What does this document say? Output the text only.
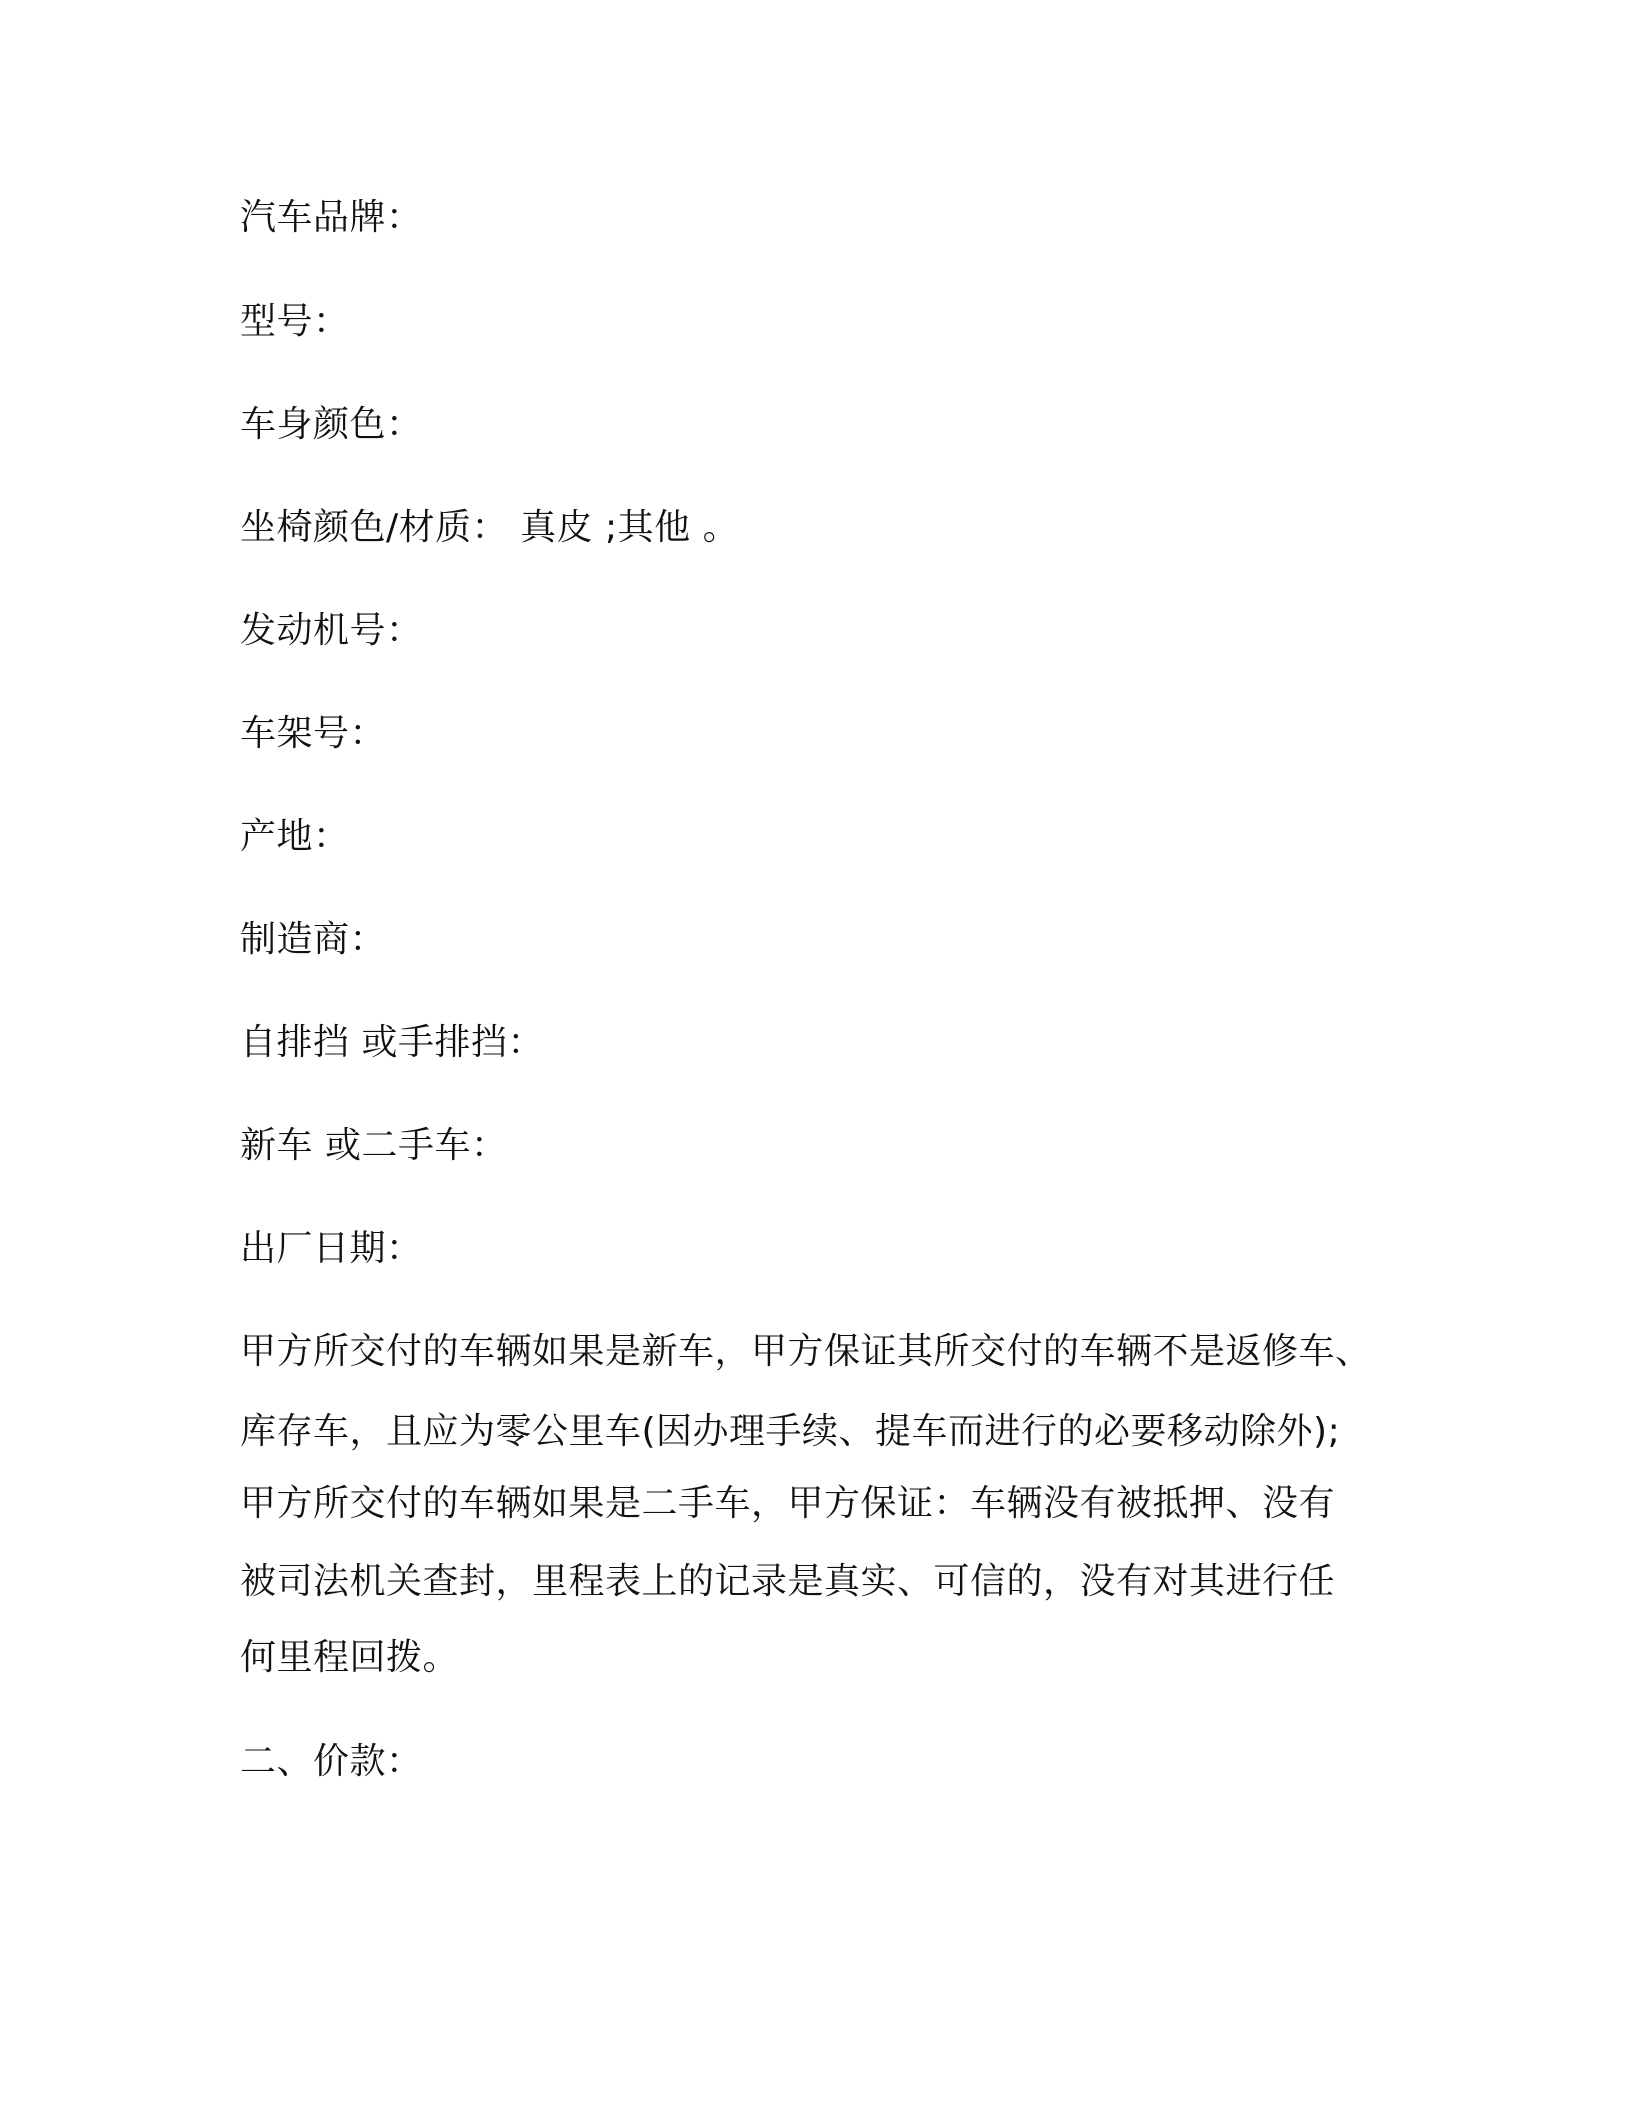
汽车品牌：
型号：
车身颜色：
坐椅颜色/材质： 真皮 ;其他 。
发动机号：
车架号：
产地：
制造商：
自排挡 或手排挡：
新车 或二手车：
出厂日期：
甲方所交付的车辆如果是新车，甲方保证其所交付的车辆不是返修车、
库存车，且应为零公里车(因办理手续、提车而进行的必要移动除外);
甲方所交付的车辆如果是二手车，甲方保证：车辆没有被抵押、没有
被司法机关查封，里程表上的记录是真实、可信的，没有对其进行任
何里程回拨。
二、价款：
